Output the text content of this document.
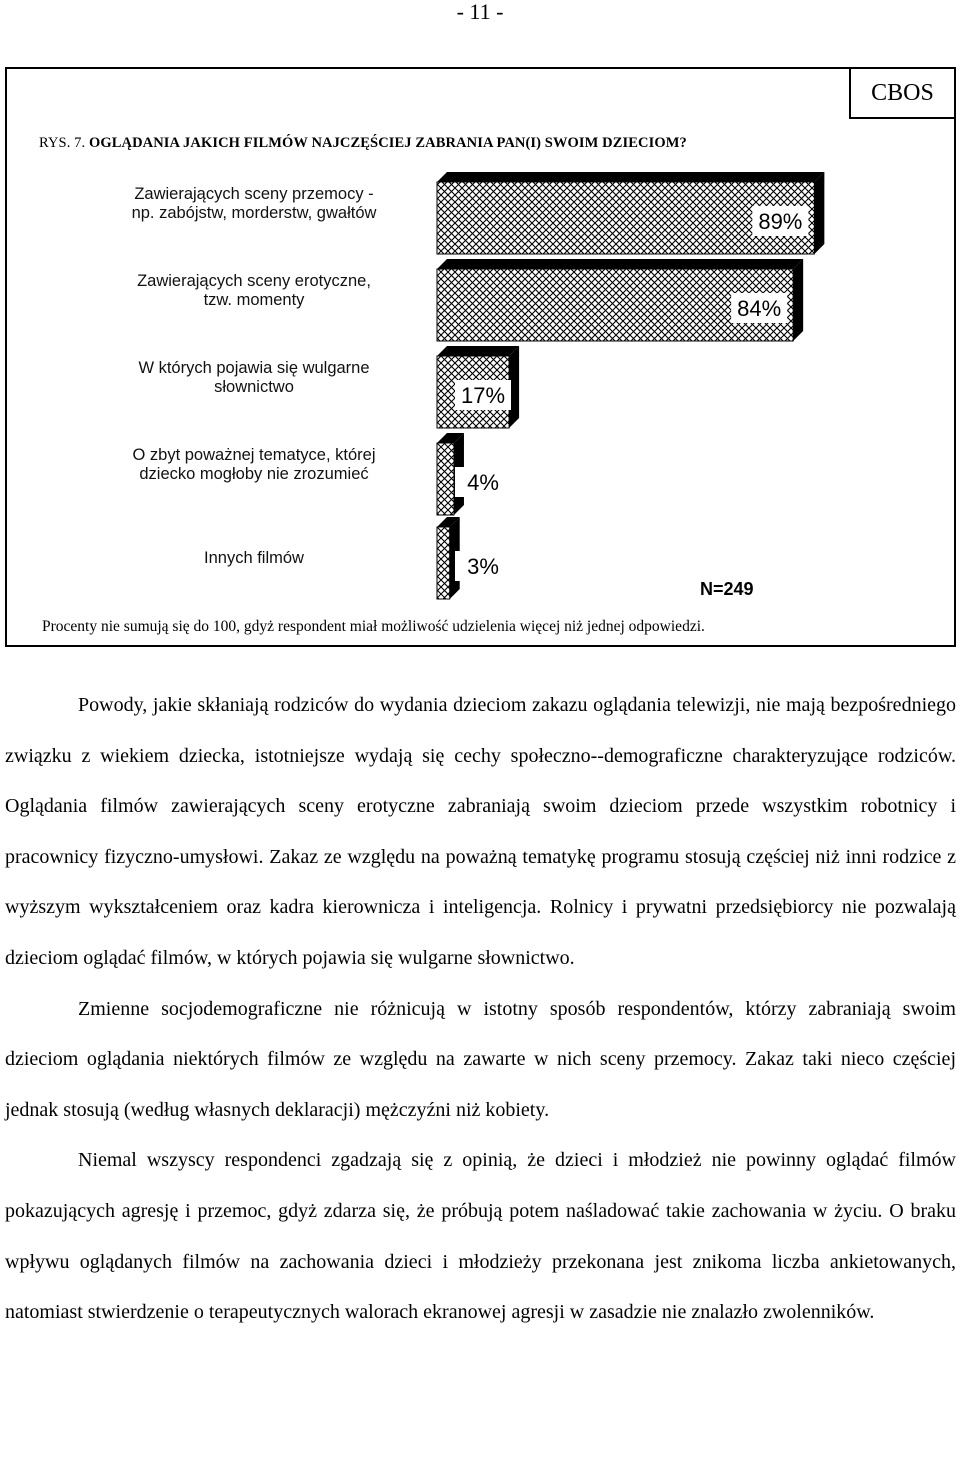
- 11 -
CBOS
RYS. 7. OGLĄDANIA JAKICH FILMÓW NAJCZĘŚCIEJ ZABRANIA PAN(I) SWOIM DZIECIOM?
89%
84%
17%
4%
3%
Zawierających sceny przemocy -
np. zabójstw, morderstw, gwałtów
Zawierających sceny erotyczne,
tzw. momenty
W których pojawia się wulgarne
słownictwo
O zbyt poważnej tematyce, której
dziecko mogłoby nie zrozumieć
Innych filmów
N=249
Procenty nie sumują się do 100, gdyż respondent miał możliwość udzielenia więcej niż jednej odpowiedzi.

Powody, jakie skłaniają rodziców do wydania dzieciom zakazu oglądania telewizji, nie mają bezpośredniego związku z wiekiem dziecka, istotniejsze wydają się cechy społeczno--demograficzne charakteryzujące rodziców. Oglądania filmów zawierających sceny erotyczne zabraniają swoim dzieciom przede wszystkim robotnicy i pracownicy fizyczno-umysłowi. Zakaz ze względu na poważną tematykę programu stosują częściej niż inni rodzice z wyższym wykształceniem oraz kadra kierownicza i inteligencja. Rolnicy i prywatni przedsiębiorcy nie pozwalają dzieciom oglądać filmów, w których pojawia się wulgarne słownictwo.

Zmienne socjodemograficzne nie różnicują w istotny sposób respondentów, którzy zabraniają swoim dzieciom oglądania niektórych filmów ze względu na zawarte w nich sceny przemocy. Zakaz taki nieco częściej jednak stosują (według własnych deklaracji) mężczyźni niż kobiety.

Niemal wszyscy respondenci zgadzają się z opinią, że dzieci i młodzież nie powinny oglądać filmów pokazujących agresję i przemoc, gdyż zdarza się, że próbują potem naśladować takie zachowania w życiu. O braku wpływu oglądanych filmów na zachowania dzieci i młodzieży przekonana jest znikoma liczba ankietowanych, natomiast stwierdzenie o terapeutycznych walorach ekranowej agresji w zasadzie nie znalazło zwolenników.
